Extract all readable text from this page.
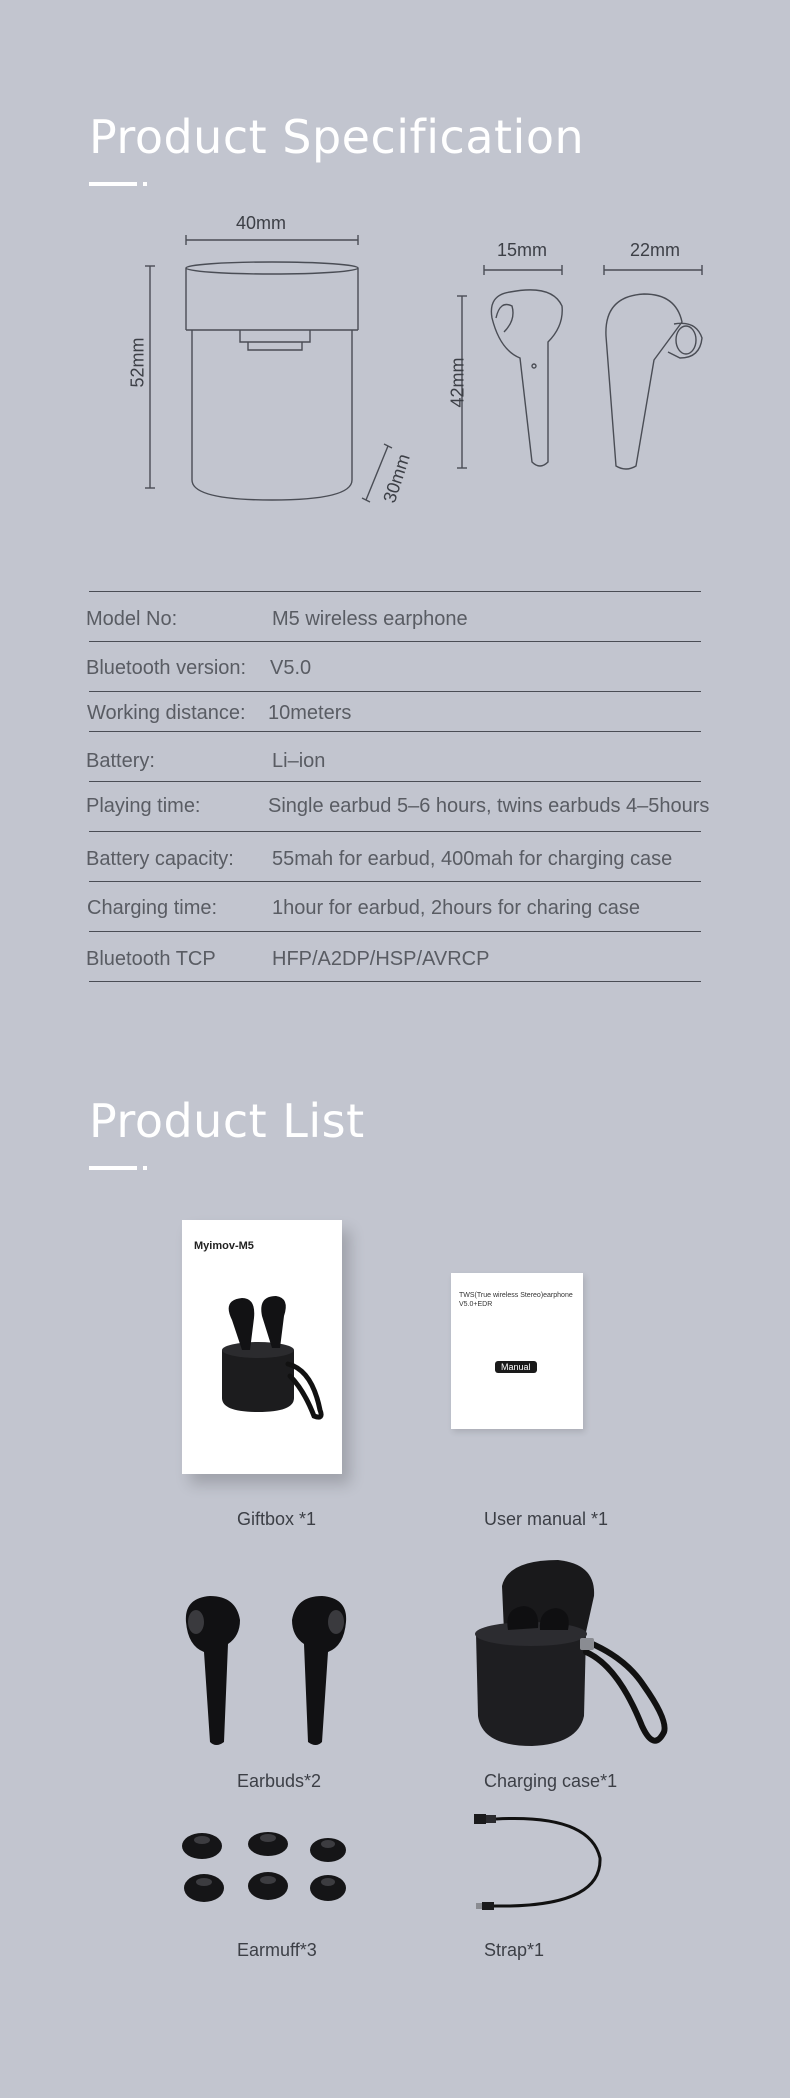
Product Specification
40mm
52mm
30mm
15mm	22mm
42mm
Model No:	M5 wireless earphone
Bluetooth version: V5.0
Working distance: 10meters
Battery:	Li–ion
Playing time:	Single earbud 5–6 hours, twins earbuds 4–5hours
Battery capacity: 55mah for earbud, 400mah for charging case
Charging time:	1hour for earbud, 2hours for charing case
Bluetooth TCP	HFP/A2DP/HSP/AVRCP
Product List
Myimov-M5
TWS(True wireless Stereo)earphone V5.0+EDR
Manual
Giftbox *1	User manual *1
Earbuds*2	Charging case*1
Earmuff*3	Strap*1
